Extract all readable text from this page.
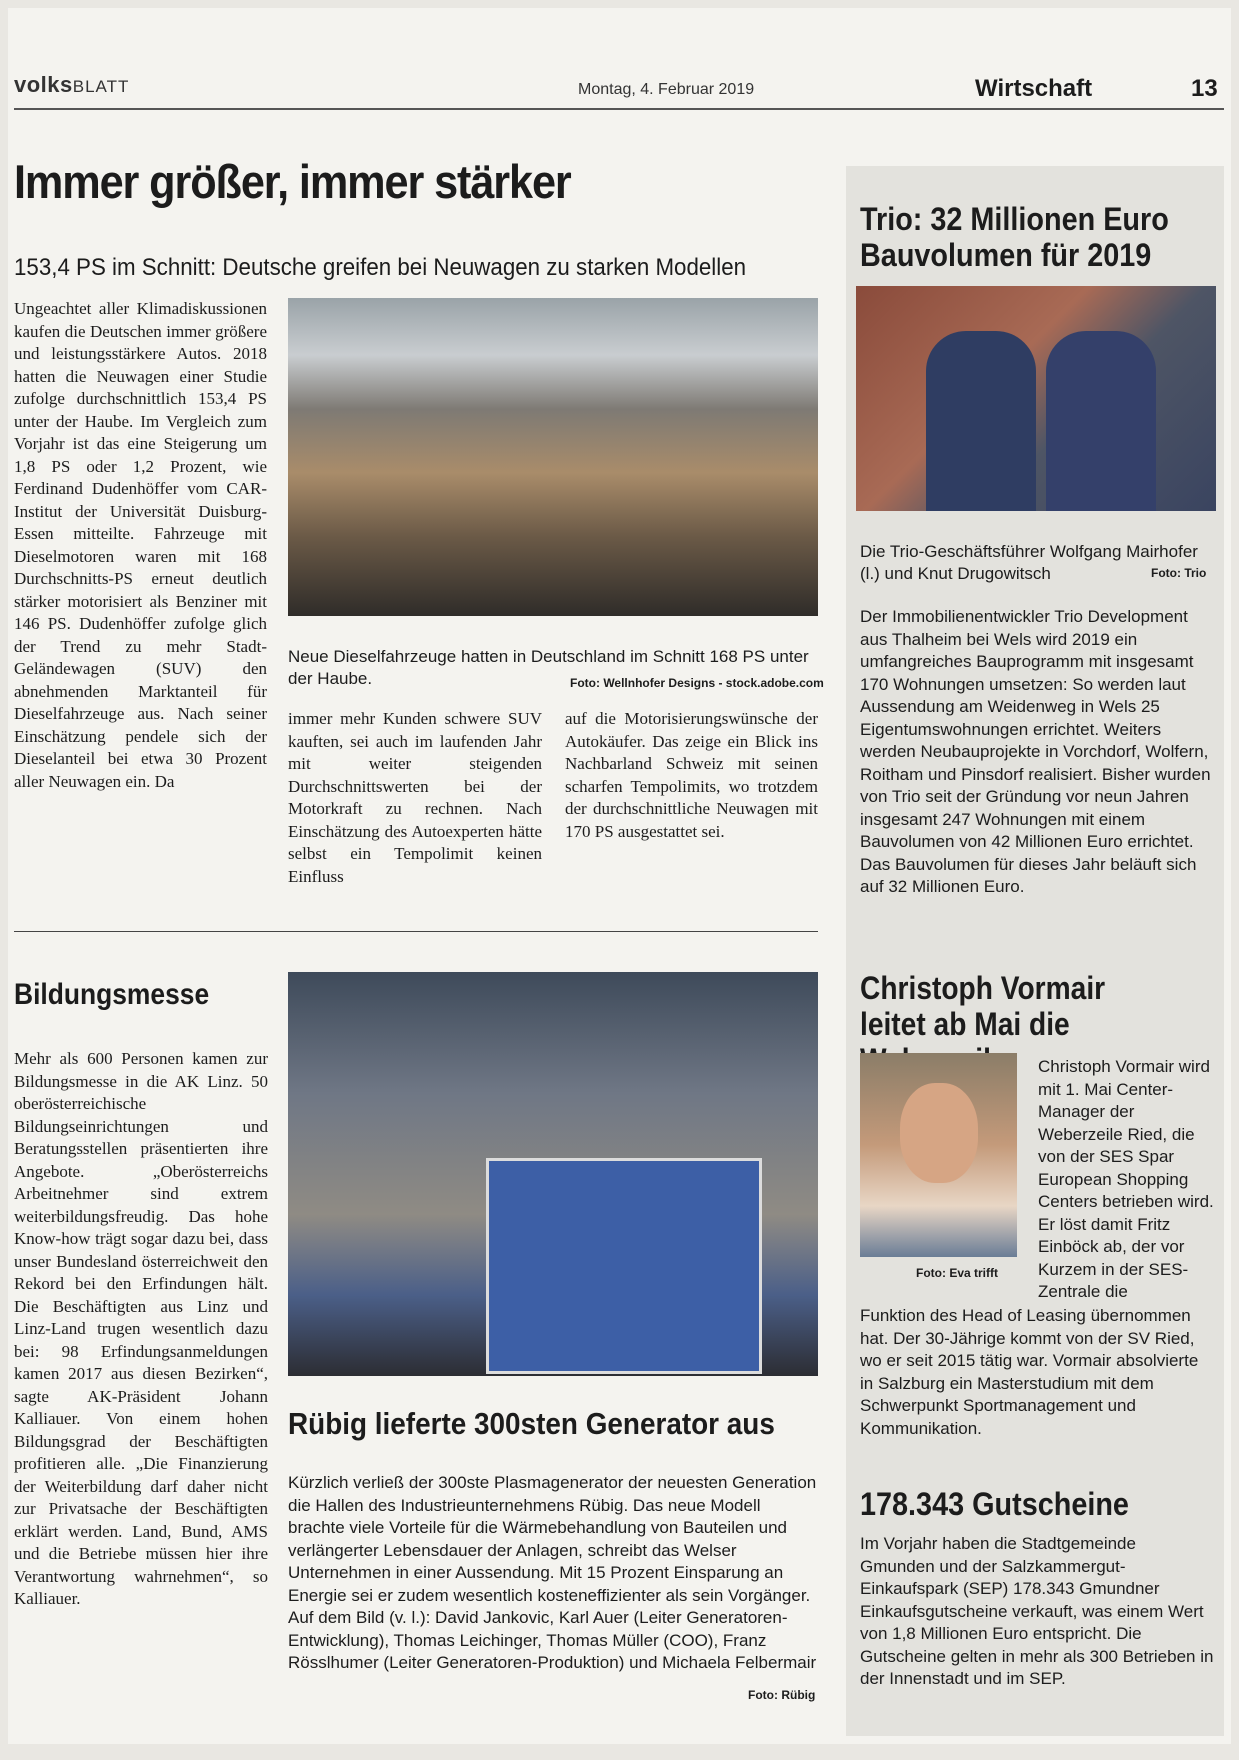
volksBLATT	Montag, 4. Februar 2019	Wirtschaft	13
Immer größer, immer stärker
153,4 PS im Schnitt: Deutsche greifen bei Neuwagen zu starken Modellen
Ungeachtet aller Klimadiskussionen kaufen die Deutschen immer größere und leistungsstärkere Autos. 2018 hatten die Neuwagen einer Studie zufolge durchschnittlich 153,4 PS unter der Haube. Im Vergleich zum Vorjahr ist das eine Steigerung um 1,8 PS oder 1,2 Prozent, wie Ferdinand Dudenhöffer vom CAR-Institut der Universität Duisburg-Essen mitteilte. Fahrzeuge mit Dieselmotoren waren mit 168 Durchschnitts-PS erneut deutlich stärker motorisiert als Benziner mit 146 PS. Dudenhöffer zufolge glich der Trend zu mehr Stadt-Geländewagen (SUV) den abnehmenden Marktanteil für Dieselfahrzeuge aus. Nach seiner Einschätzung pendele sich der Dieselanteil bei etwa 30 Prozent aller Neuwagen ein. Da
Neue Dieselfahrzeuge hatten in Deutschland im Schnitt 168 PS unter der Haube.	Foto: Wellnhofer Designs - stock.adobe.com
immer mehr Kunden schwere SUV kauften, sei auch im laufenden Jahr mit weiter steigenden Durchschnittswerten bei der Motorkraft zu rechnen. Nach Einschätzung des Autoexperten hätte selbst ein Tempolimit keinen Einfluss
auf die Motorisierungswünsche der Autokäufer. Das zeige ein Blick ins Nachbarland Schweiz mit seinen scharfen Tempolimits, wo trotzdem der durchschnittliche Neuwagen mit 170 PS ausgestattet sei.
Bildungsmesse
Mehr als 600 Personen kamen zur Bildungsmesse in die AK Linz. 50 oberösterreichische Bildungseinrichtungen und Beratungsstellen präsentierten ihre Angebote. „Oberösterreichs Arbeitnehmer sind extrem weiterbildungsfreudig. Das hohe Know-how trägt sogar dazu bei, dass unser Bundesland österreichweit den Rekord bei den Erfindungen hält. Die Beschäftigten aus Linz und Linz-Land trugen wesentlich dazu bei: 98 Erfindungsanmeldungen kamen 2017 aus diesen Bezirken“, sagte AK-Präsident Johann Kalliauer. Von einem hohen Bildungsgrad der Beschäftigten profitieren alle. „Die Finanzierung der Weiterbildung darf daher nicht zur Privatsache der Beschäftigten erklärt werden. Land, Bund, AMS und die Betriebe müssen hier ihre Verantwortung wahrnehmen“, so Kalliauer.
Rübig lieferte 300sten Generator aus
Kürzlich verließ der 300ste Plasmagenerator der neuesten Generation die Hallen des Industrieunternehmens Rübig. Das neue Modell brachte viele Vorteile für die Wärmebehandlung von Bauteilen und verlängerter Lebensdauer der Anlagen, schreibt das Welser Unternehmen in einer Aussendung. Mit 15 Prozent Einsparung an Energie sei er zudem wesentlich kosteneffizienter als sein Vorgänger. Auf dem Bild (v. l.): David Jankovic, Karl Auer (Leiter Generatoren-Entwicklung), Thomas Leichinger, Thomas Müller (COO), Franz Rösslhumer (Leiter Generatoren-Produktion) und Michaela Felbermair
Foto: Rübig
Trio: 32 Millionen Euro Bauvolumen für 2019
Die Trio-Geschäftsführer Wolfgang Mairhofer (l.) und Knut Drugowitsch	Foto: Trio
Der Immobilienentwickler Trio Development aus Thalheim bei Wels wird 2019 ein umfangreiches Bauprogramm mit insgesamt 170 Wohnungen umsetzen: So werden laut Aussendung am Weidenweg in Wels 25 Eigentumswohnungen errichtet. Weiters werden Neubauprojekte in Vorchdorf, Wolfern, Roitham und Pinsdorf realisiert. Bisher wurden von Trio seit der Gründung vor neun Jahren insgesamt 247 Wohnungen mit einem Bauvolumen von 42 Millionen Euro errichtet. Das Bauvolumen für dieses Jahr beläuft sich auf 32 Millionen Euro.
Christoph Vormair leitet ab Mai die
Foto: Eva trifft
Christoph Vormair wird mit 1. Mai Center-Manager der Weberzeile Ried, die von der SES Spar European Shopping Centers betrieben wird. Er löst damit Fritz Einböck ab, der vor Kurzem in der SES-Zentrale die
Funktion des Head of Leasing übernommen hat. Der 30-Jährige kommt von der SV Ried, wo er seit 2015 tätig war. Vormair absolvierte in Salzburg ein Masterstudium mit dem Schwerpunkt Sportmanagement und Kommunikation.
178.343 Gutscheine
Im Vorjahr haben die Stadtgemeinde Gmunden und der Salzkammergut-Einkaufspark (SEP) 178.343 Gmundner Einkaufsgutscheine verkauft, was einem Wert von 1,8 Millionen Euro entspricht. Die Gutscheine gelten in mehr als 300 Betrieben in der Innenstadt und im SEP.
